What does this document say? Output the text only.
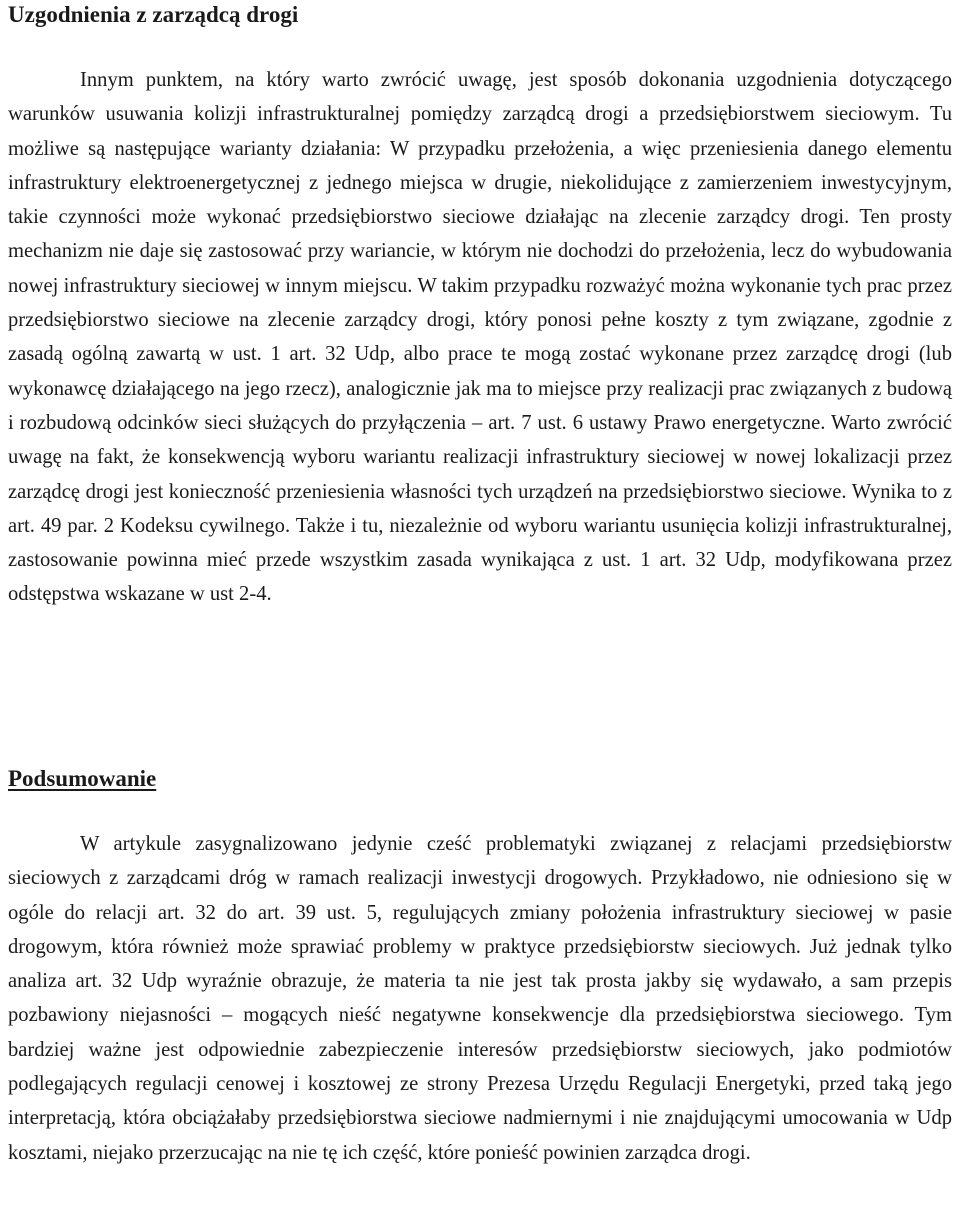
Uzgodnienia z zarządcą drogi

Innym punktem, na który warto zwrócić uwagę, jest sposób dokonania uzgodnienia dotyczącego warunków usuwania kolizji infrastrukturalnej pomiędzy zarządcą drogi a przedsiębiorstwem sieciowym. Tu możliwe są następujące warianty działania: W przypadku przełożenia, a więc przeniesienia danego elementu infrastruktury elektroenergetycznej z jednego miejsca w drugie, niekolidujące z zamierzeniem inwestycyjnym, takie czynności może wykonać przedsiębiorstwo sieciowe działając na zlecenie zarządcy drogi. Ten prosty mechanizm nie daje się zastosować przy wariancie, w którym nie dochodzi do przełożenia, lecz do wybudowania nowej infrastruktury sieciowej w innym miejscu. W takim przypadku rozważyć można wykonanie tych prac przez przedsiębiorstwo sieciowe na zlecenie zarządcy drogi, który ponosi pełne koszty z tym związane, zgodnie z zasadą ogólną zawartą w ust. 1 art. 32 Udp, albo prace te mogą zostać wykonane przez zarządcę drogi (lub wykonawcę działającego na jego rzecz), analogicznie jak ma to miejsce przy realizacji prac związanych z budową i rozbudową odcinków sieci służących do przyłączenia – art. 7 ust. 6 ustawy Prawo energetyczne. Warto zwrócić uwagę na fakt, że konsekwencją wyboru wariantu realizacji infrastruktury sieciowej w nowej lokalizacji przez zarządcę drogi jest konieczność przeniesienia własności tych urządzeń na przedsiębiorstwo sieciowe. Wynika to z art. 49 par. 2 Kodeksu cywilnego. Także i tu, niezależnie od wyboru wariantu usunięcia kolizji infrastrukturalnej, zastosowanie powinna mieć przede wszystkim zasada wynikająca z ust. 1 art. 32 Udp, modyfikowana przez odstępstwa wskazane w ust 2-4.

Podsumowanie

W artykule zasygnalizowano jedynie cześć problematyki związanej z relacjami przedsiębiorstw sieciowych z zarządcami dróg w ramach realizacji inwestycji drogowych. Przykładowo, nie odniesiono się w ogóle do relacji art. 32 do art. 39 ust. 5, regulujących zmiany położenia infrastruktury sieciowej w pasie drogowym, która również może sprawiać problemy w praktyce przedsiębiorstw sieciowych. Już jednak tylko analiza art. 32 Udp wyraźnie obrazuje, że materia ta nie jest tak prosta jakby się wydawało, a sam przepis pozbawiony niejasności – mogących nieść negatywne konsekwencje dla przedsiębiorstwa sieciowego. Tym bardziej ważne jest odpowiednie zabezpieczenie interesów przedsiębiorstw sieciowych, jako podmiotów podlegających regulacji cenowej i kosztowej ze strony Prezesa Urzędu Regulacji Energetyki, przed taką jego interpretacją, która obciążałaby przedsiębiorstwa sieciowe nadmiernymi i nie znajdującymi umocowania w Udp kosztami, niejako przerzucając na nie tę ich część, które ponieść powinien zarządca drogi.
